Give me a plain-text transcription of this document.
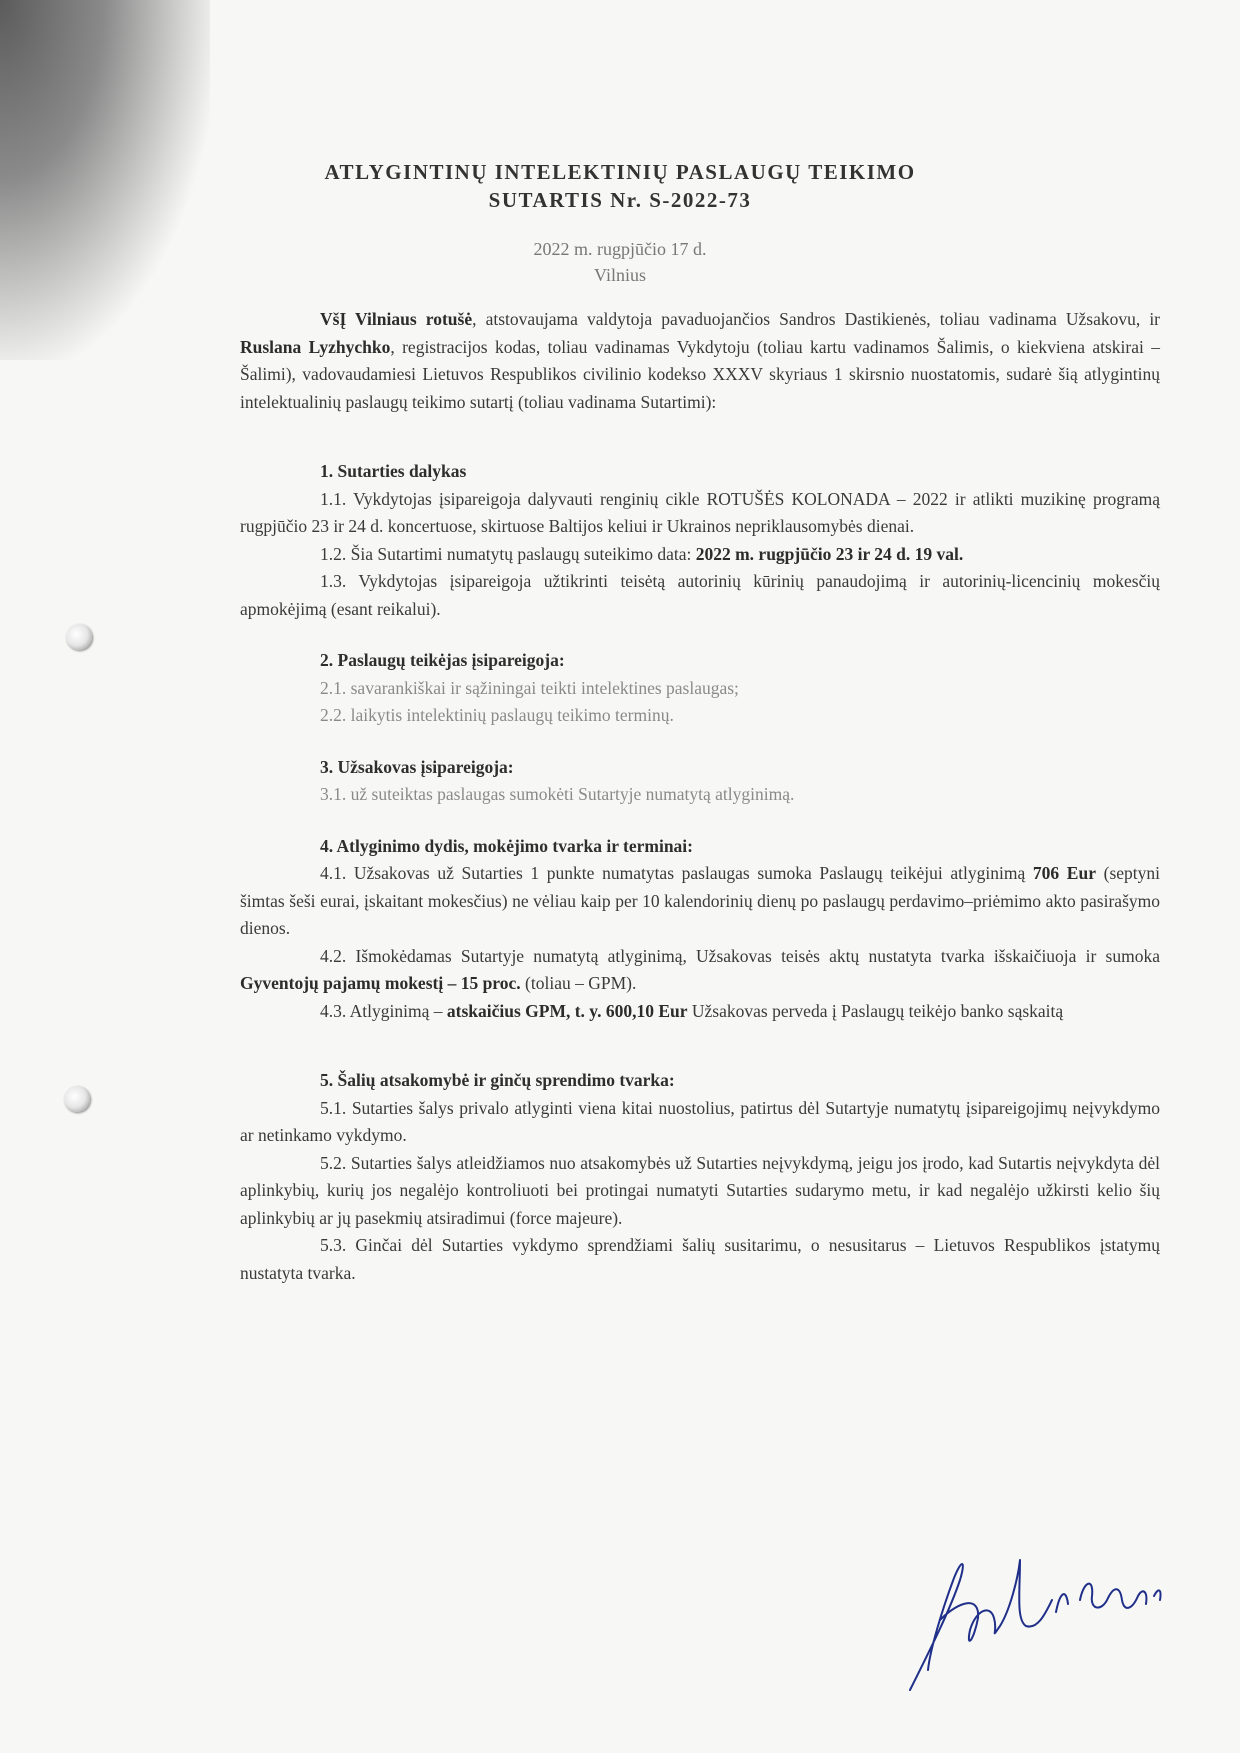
ATLYGINTINŲ INTELEKTINIŲ PASLAUGŲ TEIKIMO
SUTARTIS Nr. S-2022-73
2022 m. rugpjūčio 17 d.
Vilnius

VšĮ Vilniaus rotušė, atstovaujama valdytoja pavaduojančios Sandros Dastikienės, toliau vadinama Užsakovu, ir Ruslana Lyzhychko, registracijos kodas, toliau vadinamas Vykdytoju (toliau kartu vadinamos Šalimis, o kiekviena atskirai – Šalimi), vadovaudamiesi Lietuvos Respublikos civilinio kodekso XXXV skyriaus 1 skirsnio nuostatomis, sudarė šią atlygintinų intelektualinių paslaugų teikimo sutartį (toliau vadinama Sutartimi):

1. Sutarties dalykas

1.1. Vykdytojas įsipareigoja dalyvauti renginių cikle ROTUŠĖS KOLONADA – 2022 ir atlikti muzikinę programą rugpjūčio 23 ir 24 d. koncertuose, skirtuose Baltijos keliui ir Ukrainos nepriklausomybės dienai.

1.2. Šia Sutartimi numatytų paslaugų suteikimo data: 2022 m. rugpjūčio 23 ir 24 d. 19 val.

1.3. Vykdytojas įsipareigoja užtikrinti teisėtą autorinių kūrinių panaudojimą ir autorinių-licencinių mokesčių apmokėjimą (esant reikalui).

2. Paslaugų teikėjas įsipareigoja:

2.1. savarankiškai ir sąžiningai teikti intelektines paslaugas;

2.2. laikytis intelektinių paslaugų teikimo terminų.

3. Užsakovas įsipareigoja:

3.1. už suteiktas paslaugas sumokėti Sutartyje numatytą atlyginimą.

4. Atlyginimo dydis, mokėjimo tvarka ir terminai:

4.1. Užsakovas už Sutarties 1 punkte numatytas paslaugas sumoka Paslaugų teikėjui atlyginimą 706 Eur (septyni šimtas šeši eurai, įskaitant mokesčius) ne vėliau kaip per 10 kalendorinių dienų po paslaugų perdavimo–priėmimo akto pasirašymo dienos.

4.2. Išmokėdamas Sutartyje numatytą atlyginimą, Užsakovas teisės aktų nustatyta tvarka išskaičiuoja ir sumoka Gyventojų pajamų mokestį – 15 proc. (toliau – GPM).

4.3. Atlyginimą – atskaičius GPM, t. y. 600,10 Eur Užsakovas perveda į Paslaugų teikėjo banko sąskaitą

5. Šalių atsakomybė ir ginčų sprendimo tvarka:

5.1. Sutarties šalys privalo atlyginti viena kitai nuostolius, patirtus dėl Sutartyje numatytų įsipareigojimų neįvykdymo ar netinkamo vykdymo.

5.2. Sutarties šalys atleidžiamos nuo atsakomybės už Sutarties neįvykdymą, jeigu jos įrodo, kad Sutartis neįvykdyta dėl aplinkybių, kurių jos negalėjo kontroliuoti bei protingai numatyti Sutarties sudarymo metu, ir kad negalėjo užkirsti kelio šių aplinkybių ar jų pasekmių atsiradimui (force majeure).

5.3. Ginčai dėl Sutarties vykdymo sprendžiami šalių susitarimu, o nesusitarus – Lietuvos Respublikos įstatymų nustatyta tvarka.
